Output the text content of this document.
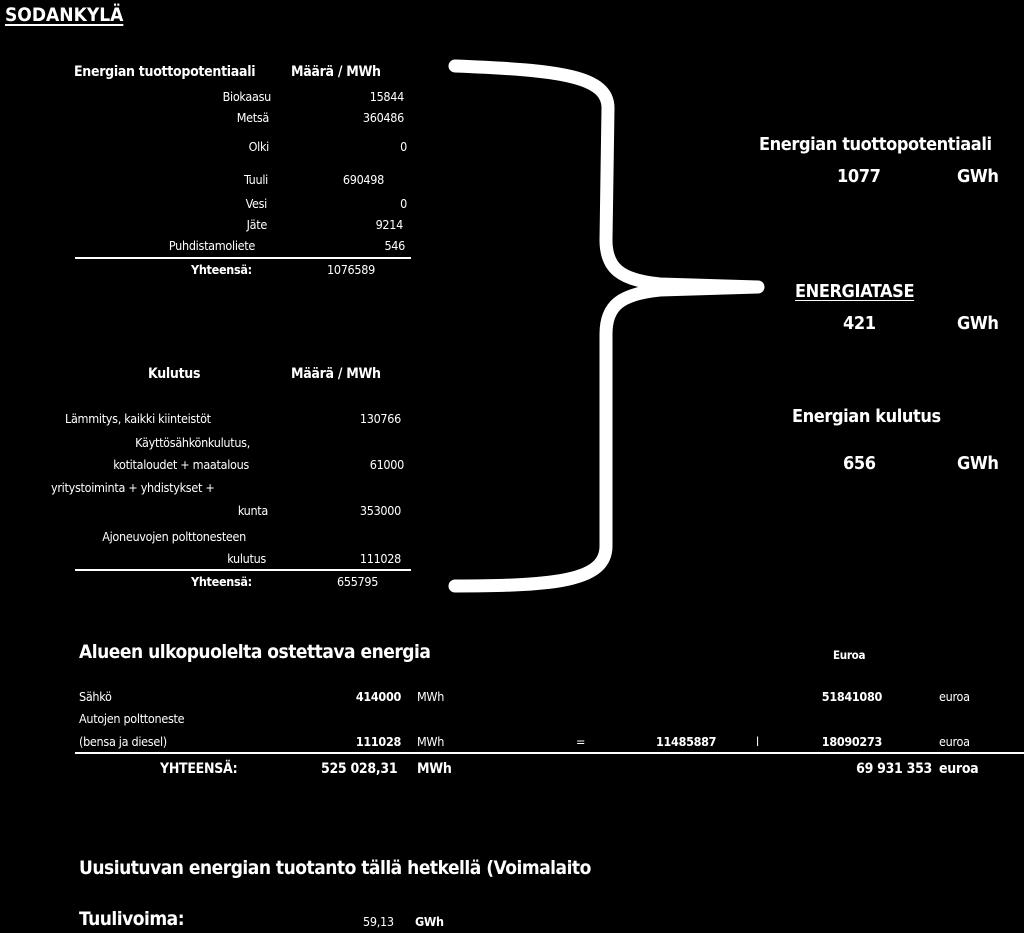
SODANKYLÄ
Energian tuottopotentiaali	Määrä / MWh
Biokaasu	15844
Metsä	360486
Olki	0
Tuuli	690498
Vesi	0
Jäte	9214
Puhdistamoliete	546
Yhteensä:	1076589
Kulutus	Määrä / MWh
Lämmitys, kaikki kiinteistöt	130766
Käyttösähkönkulutus,
kotitaloudet + maatalous	61000
yritystoiminta + yhdistykset +
kunta	353000
Ajoneuvojen polttonesteen
kulutus	111028
Yhteensä:	655795
Energian tuottopotentiaali
1077	GWh
ENERGIATASE
421	GWh
Energian kulutus
656	GWh
Alueen ulkopuolelta ostettava energia	Euroa
Sähkö	414000 MWh	51841080	euroa
Autojen polttoneste
(bensa ja diesel)	111028 MWh	=	11485887	l	18090273	euroa
YHTEENSÄ:	525 028,31 MWh	69 931 353 euroa
Uusiutuvan energian tuotanto tällä hetkellä (Voimalaito
Tuulivoima:	59,13 GWh
